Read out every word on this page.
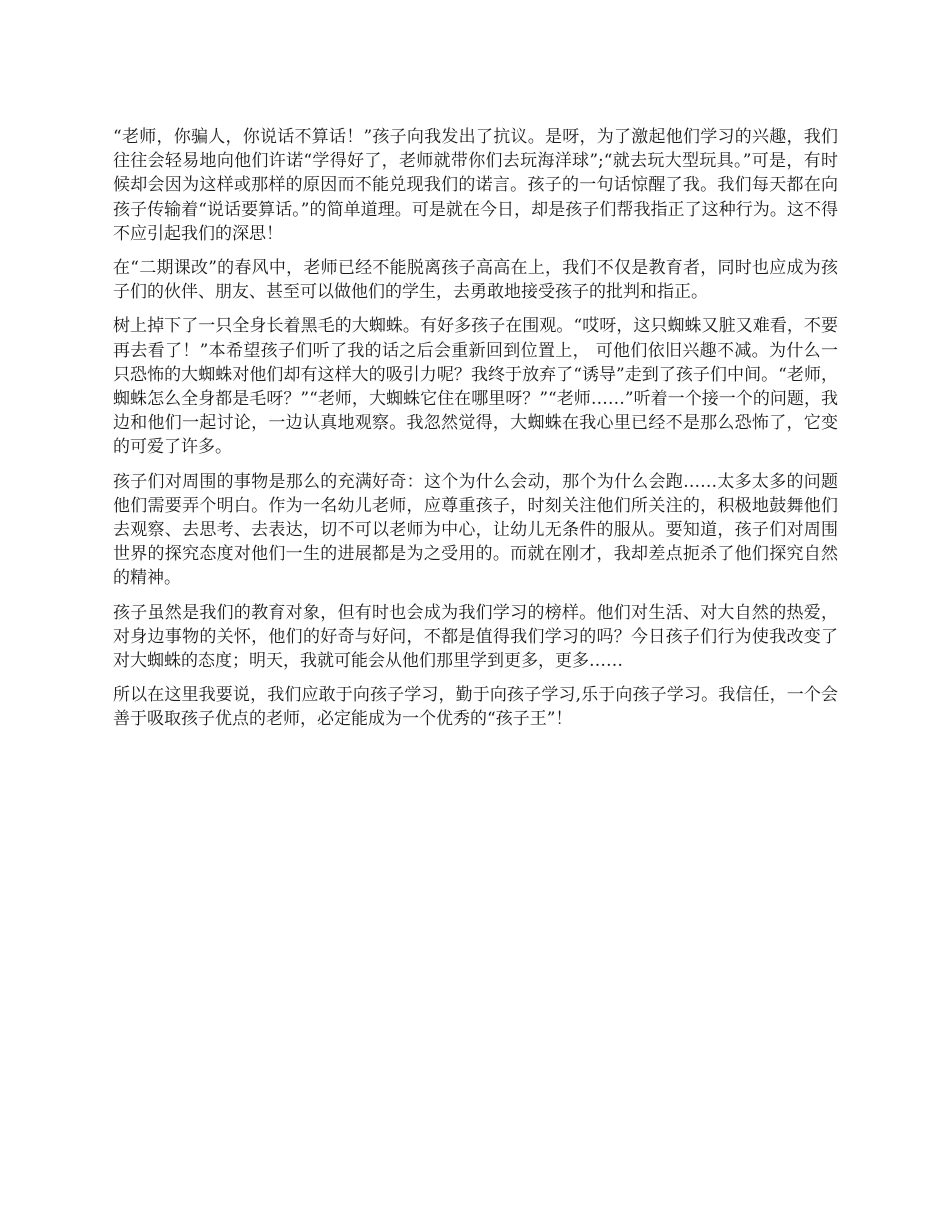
“老师，你骗人，你说话不算话！”孩子向我发出了抗议。是呀，为了激起他们学习的兴趣，我们往往会轻易地向他们许诺“学得好了，老师就带你们去玩海洋球”;“就去玩大型玩具。”可是，有时候却会因为这样或那样的原因而不能兑现我们的诺言。孩子的一句话惊醒了我。我们每天都在向孩子传输着“说话要算话。”的简单道理。可是就在今日，却是孩子们帮我指正了这种行为。这不得不应引起我们的深思！

在“二期课改”的春风中，老师已经不能脱离孩子高高在上，我们不仅是教育者，同时也应成为孩子们的伙伴、朋友、甚至可以做他们的学生，去勇敢地接受孩子的批判和指正。

树上掉下了一只全身长着黑毛的大蜘蛛。有好多孩子在围观。“哎呀，这只蜘蛛又脏又难看，不要再去看了！”本希望孩子们听了我的话之后会重新回到位置上， 可他们依旧兴趣不减。为什么一只恐怖的大蜘蛛对他们却有这样大的吸引力呢？我终于放弃了“诱导”走到了孩子们中间。“老师，蜘蛛怎么全身都是毛呀？”“老师，大蜘蛛它住在哪里呀？”“老师……”听着一个接一个的问题，我边和他们一起讨论，一边认真地观察。我忽然觉得，大蜘蛛在我心里已经不是那么恐怖了，它变的可爱了许多。

孩子们对周围的事物是那么的充满好奇：这个为什么会动，那个为什么会跑……太多太多的问题他们需要弄个明白。作为一名幼儿老师，应尊重孩子，时刻关注他们所关注的，积极地鼓舞他们去观察、去思考、去表达，切不可以老师为中心，让幼儿无条件的服从。要知道，孩子们对周围世界的探究态度对他们一生的进展都是为之受用的。而就在刚才，我却差点扼杀了他们探究自然的精神。

孩子虽然是我们的教育对象，但有时也会成为我们学习的榜样。他们对生活、对大自然的热爱，对身边事物的关怀，他们的好奇与好问，不都是值得我们学习的吗？今日孩子们行为使我改变了对大蜘蛛的态度；明天，我就可能会从他们那里学到更多，更多……

所以在这里我要说，我们应敢于向孩子学习，勤于向孩子学习,乐于向孩子学习。我信任，一个会善于吸取孩子优点的老师，必定能成为一个优秀的“孩子王”！
